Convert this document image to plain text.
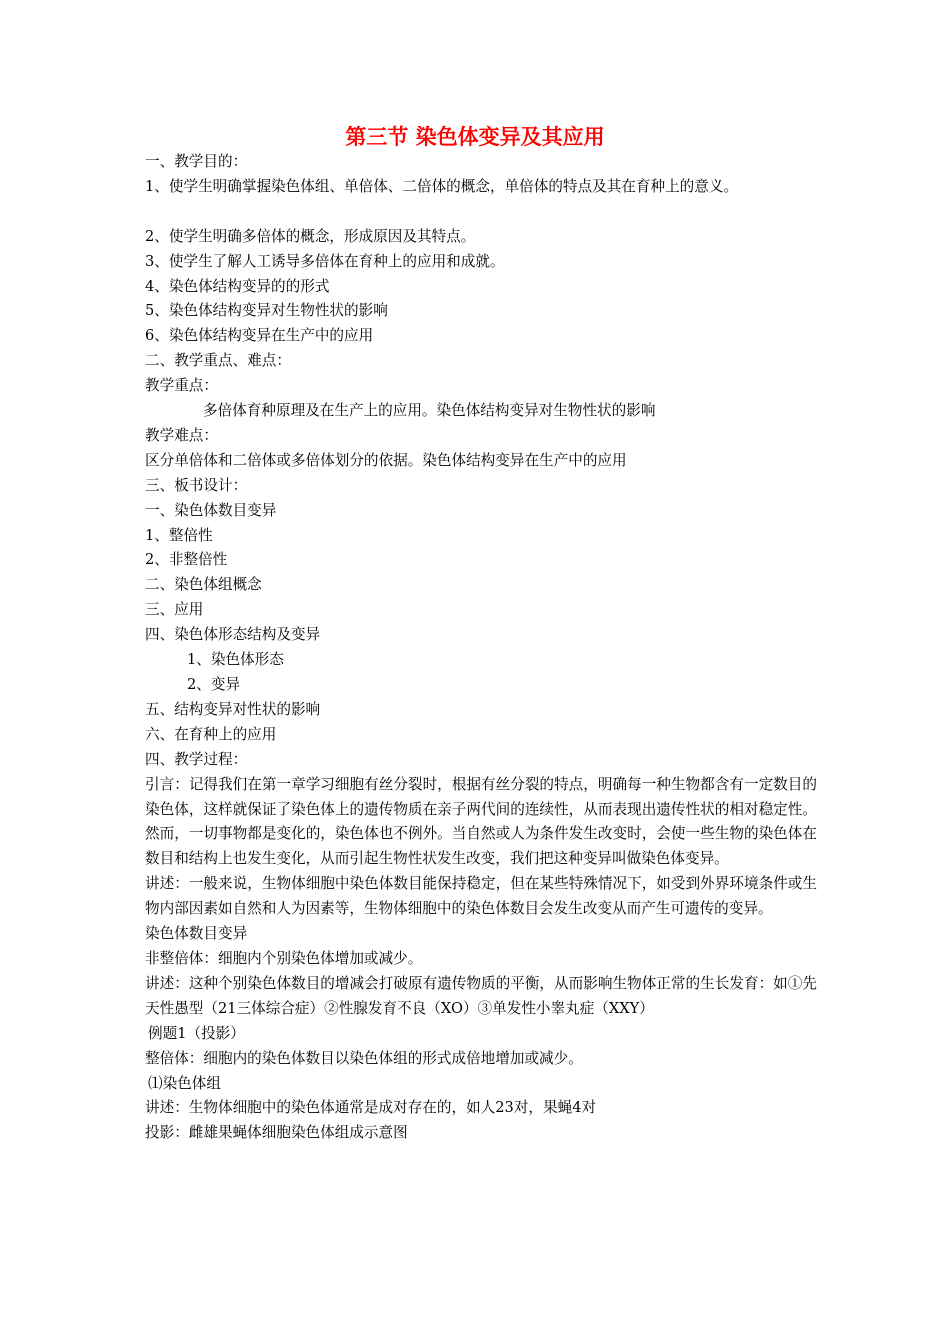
第三节 染色体变异及其应用

一、教学目的：

1、使学生明确掌握染色体组、单倍体、二倍体的概念，单倍体的特点及其在育种上的意义。

2、使学生明确多倍体的概念，形成原因及其特点。

3、使学生了解人工诱导多倍体在育种上的应用和成就。

4、染色体结构变异的的形式

5、染色体结构变异对生物性状的影响

6、染色体结构变异在生产中的应用

二、教学重点、难点：

教学重点：

多倍体育种原理及在生产上的应用。染色体结构变异对生物性状的影响

教学难点：

区分单倍体和二倍体或多倍体划分的依据。染色体结构变异在生产中的应用

三、板书设计：

一、染色体数目变异

1、整倍性

2、非整倍性

二、染色体组概念

三、应用

四、染色体形态结构及变异

1、染色体形态

2、变异

五、结构变异对性状的影响

六、在育种上的应用

四、教学过程：

引言：记得我们在第一章学习细胞有丝分裂时，根据有丝分裂的特点，明确每一种生物都含有一定数目的染色体，这样就保证了染色体上的遗传物质在亲子两代间的连续性，从而表现出遗传性状的相对稳定性。然而，一切事物都是变化的，染色体也不例外。当自然或人为条件发生改变时，会使一些生物的染色体在数目和结构上也发生变化，从而引起生物性状发生改变，我们把这种变异叫做染色体变异。

讲述：一般来说，生物体细胞中染色体数目能保持稳定，但在某些特殊情况下，如受到外界环境条件或生物内部因素如自然和人为因素等，生物体细胞中的染色体数目会发生改变从而产生可遗传的变异。

染色体数目变异

非整倍体：细胞内个别染色体增加或减少。

讲述：这种个别染色体数目的增减会打破原有遗传物质的平衡，从而影响生物体正常的生长发育：如①先天性愚型（21三体综合症）②性腺发育不良（XO）③单发性小睾丸症（XXY）

例题1（投影）

整倍体：细胞内的染色体数目以染色体组的形式成倍地增加或减少。

⑴染色体组

讲述：生物体细胞中的染色体通常是成对存在的，如人23对，果蝇4对

投影：雌雄果蝇体细胞染色体组成示意图
